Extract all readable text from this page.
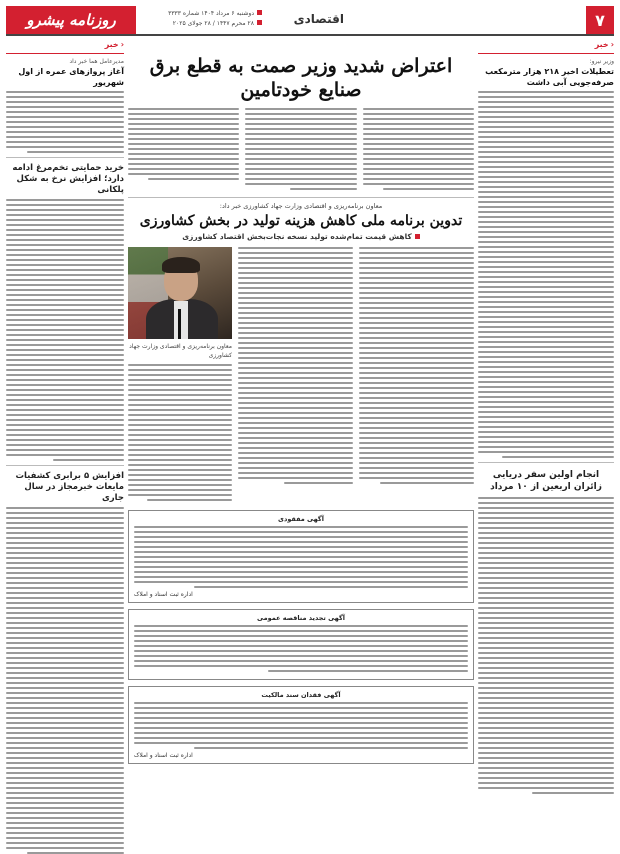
۷
اقتصادی
دوشنبه ۶ مرداد ۱۴۰۴ شماره ۳۳۳۳
۲۸ محرم ۱۴۴۷ / ۲۸ جولای ۲۰۲۵
روزنامه پیشرو
‹خبر
وزیر نیرو:
تعطیلات اخیر ۲۱۸ هزار مترمکعب صرفه‌جویی آبی داشت
انجام اولین سفر دریایی زائران اربعین از ۱۰ مرداد
اعتراض شدید وزیر صمت به قطع برق صنایع خودتامین
معاون برنامه‌ریزی و اقتصادی وزارت جهاد کشاورزی خبر داد:
تدوین برنامه ملی کاهش هزینه تولید در بخش کشاورزی
کاهش قیمت تمام‌شده تولید نسخه نجات‌بخش اقتصاد کشاورزی
معاون برنامه‌ریزی و اقتصادی وزارت جهاد کشاورزی
آگهی مفقودی
اداره ثبت اسناد و املاک
آگهی تجدید مناقصه عمومی
آگهی فقدان سند مالکیت
اداره ثبت اسناد و املاک
‹خبر
مدیرعامل هما خبر داد
آغاز پروازهای عمره از اول شهریور
خرید حمایتی تخم‌مرغ ادامه دارد؛ افزایش نرخ به شکل پلکانی
افزایش ۵ برابری کشفیات مایعات خبرمجاز در سال جاری
